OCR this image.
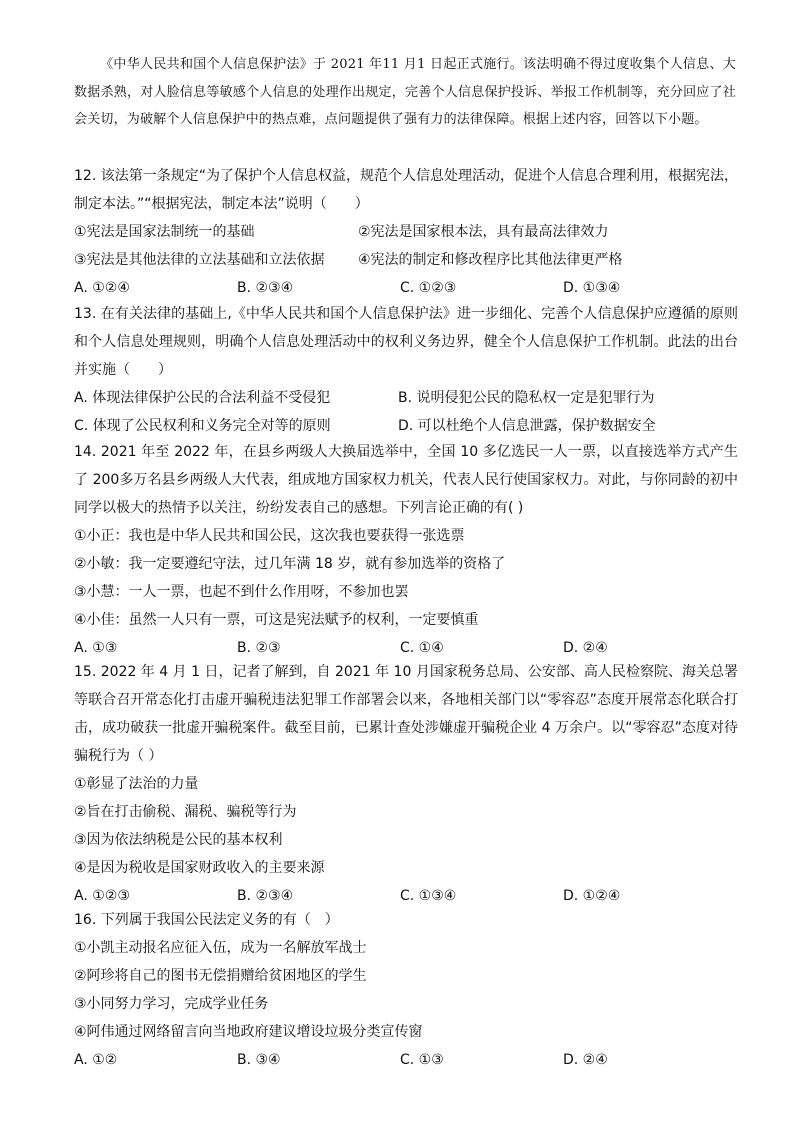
《中华人民共和国个人信息保护法》于 2021 年11 月1 日起正式施行。该法明确不得过度收集个人信息、大数据杀熟，对人脸信息等敏感个人信息的处理作出规定，完善个人信息保护投诉、举报工作机制等，充分回应了社会关切，为破解个人信息保护中的热点难，点问题提供了强有力的法律保障。根据上述内容，回答以下小题。
12. 该法第一条规定“为了保护个人信息权益，规范个人信息处理活动，促进个人信息合理利用，根据宪法，制定本法。”“根据宪法，制定本法”说明（　　）
①宪法是国家法制统一的基础	②宪法是国家根本法，具有最高法律效力
③宪法是其他法律的立法基础和立法依据	④宪法的制定和修改程序比其他法律更严格
A. ①②④	B. ②③④	C. ①②③	D. ①③④
13. 在有关法律的基础上,《中华人民共和国个人信息保护法》进一步细化、完善个人信息保护应遵循的原则和个人信息处理规则，明确个人信息处理活动中的权利义务边界，健全个人信息保护工作机制。此法的出台并实施（　　）
A. 体现法律保护公民的合法利益不受侵犯	B. 说明侵犯公民的隐私权一定是犯罪行为
C. 体现了公民权利和义务完全对等的原则	D. 可以杜绝个人信息泄露，保护数据安全
14. 2021 年至 2022 年，在县乡两级人大换届选举中，全国 10 多亿选民一人一票，以直接选举方式产生了 200多万名县乡两级人大代表，组成地方国家权力机关，代表人民行使国家权力。对此，与你同龄的初中同学以极大的热情予以关注，纷纷发表自己的感想。下列言论正确的有( )
①小正：我也是中华人民共和国公民，这次我也要获得一张选票
②小敏：我一定要遵纪守法，过几年满 18 岁，就有参加选举的资格了
③小慧：一人一票，也起不到什么作用呀，不参加也罢
④小佳：虽然一人只有一票，可这是宪法赋予的权利，一定要慎重
A. ①③	B. ②③	C. ①④	D. ②④
15. 2022 年 4 月 1 日，记者了解到，自 2021 年 10 月国家税务总局、公安部、高人民检察院、海关总署等联合召开常态化打击虚开骗税违法犯罪工作部署会以来，各地相关部门以“零容忍”态度开展常态化联合打击，成功破获一批虚开骗税案件。截至目前，已累计查处涉嫌虚开骗税企业 4 万余户。以“零容忍”态度对待骗税行为（ ）
①彰显了法治的力量
②旨在打击偷税、漏税、骗税等行为
③因为依法纳税是公民的基本权利
④是因为税收是国家财政收入的主要来源
A. ①②③	B. ②③④	C. ①③④	D. ①②④
16. 下列属于我国公民法定义务的有（　）
①小凯主动报名应征入伍，成为一名解放军战士
②阿珍将自己的图书无偿捐赠给贫困地区的学生
③小同努力学习，完成学业任务
④阿伟通过网络留言向当地政府建议增设垃圾分类宣传窗
A. ①②	B. ③④	C. ①③	D. ②④
